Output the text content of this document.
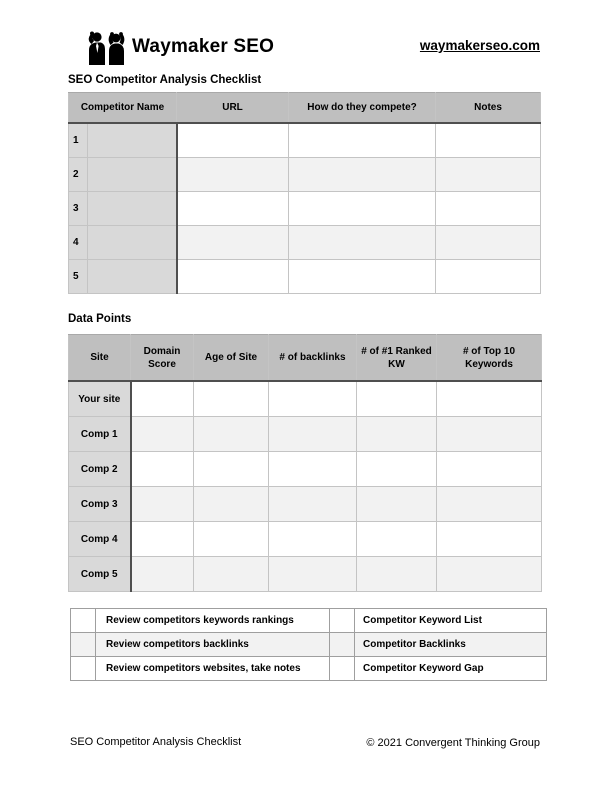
Waymaker SEO	waymakerseo.com
SEO Competitor Analysis Checklist
Competitor Name		URL	How do they compete?	Notes
1				
2				
3				
4				
5				
Data Points
Site	Domain Score	Age of Site	# of backlinks	# of #1 Ranked KW	# of Top 10 Keywords
Your site					
Comp 1					
Comp 2					
Comp 3					
Comp 4					
Comp 5					
	Review competitors keywords rankings		Competitor Keyword List
	Review competitors backlinks		Competitor Backlinks
	Review competitors websites, take notes		Competitor Keyword Gap
SEO Competitor Analysis Checklist	© 2021 Convergent Thinking Group
